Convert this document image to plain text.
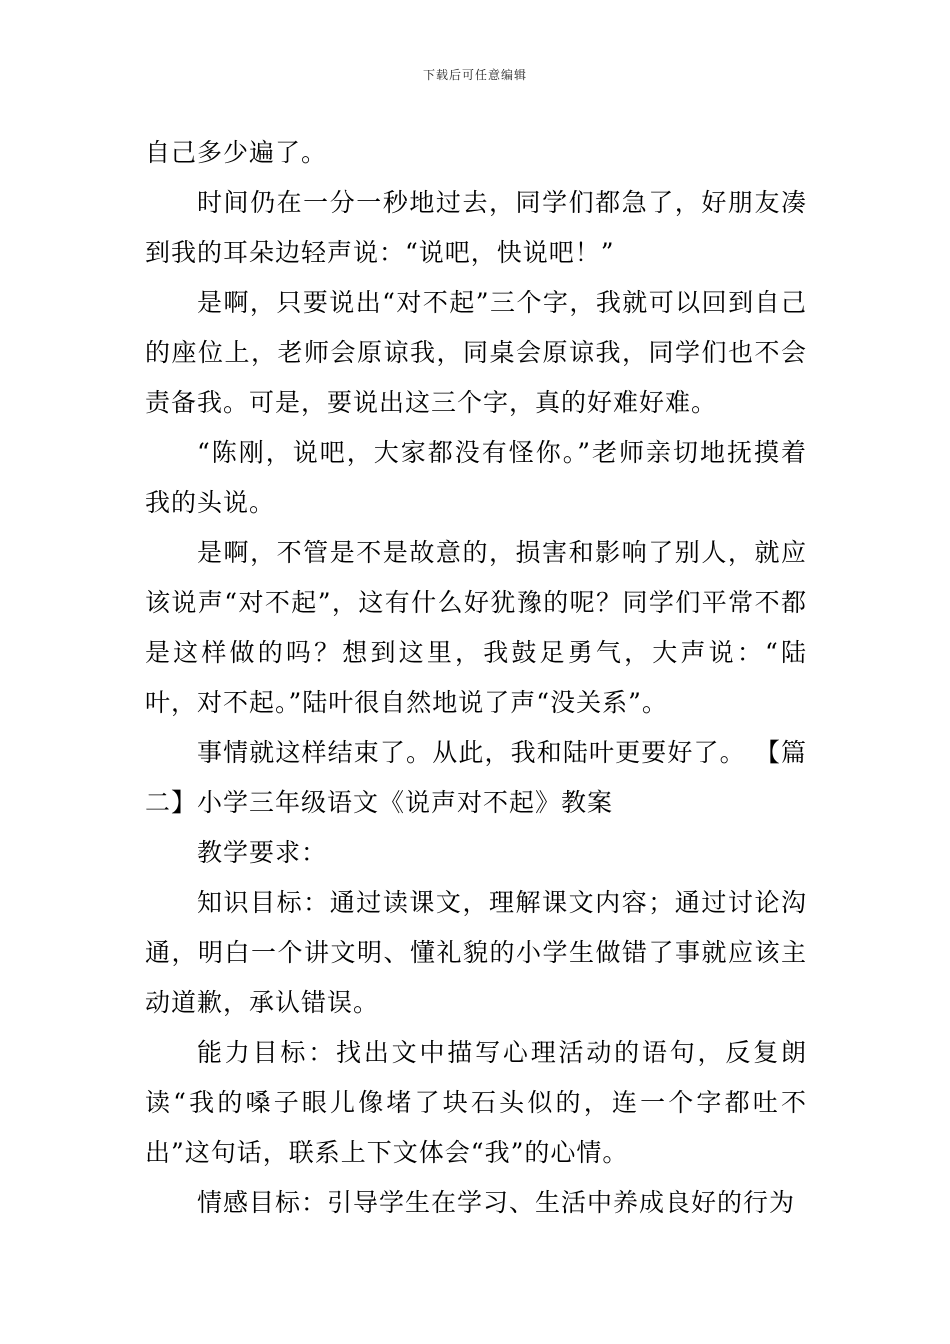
下载后可任意编辑

自己多少遍了。

时间仍在一分一秒地过去，同学们都急了，好朋友凑到我的耳朵边轻声说：“说吧，快说吧！”

是啊，只要说出“对不起”三个字，我就可以回到自己的座位上，老师会原谅我，同桌会原谅我，同学们也不会责备我。可是，要说出这三个字，真的好难好难。

“陈刚，说吧，大家都没有怪你。”老师亲切地抚摸着我的头说。

是啊，不管是不是故意的，损害和影响了别人，就应该说声“对不起”，这有什么好犹豫的呢？同学们平常不都是这样做的吗？想到这里，我鼓足勇气，大声说：“陆叶，对不起。”陆叶很自然地说了声“没关系”。

事情就这样结束了。从此，我和陆叶更要好了。 【篇二】小学三年级语文《说声对不起》教案

教学要求：

知识目标：通过读课文，理解课文内容；通过讨论沟通，明白一个讲文明、懂礼貌的小学生做错了事就应该主动道歉，承认错误。

能力目标：找出文中描写心理活动的语句，反复朗读“我的嗓子眼儿像堵了块石头似的，连一个字都吐不出”这句话，联系上下文体会“我”的心情。

情感目标：引导学生在学习、生活中养成良好的行为
